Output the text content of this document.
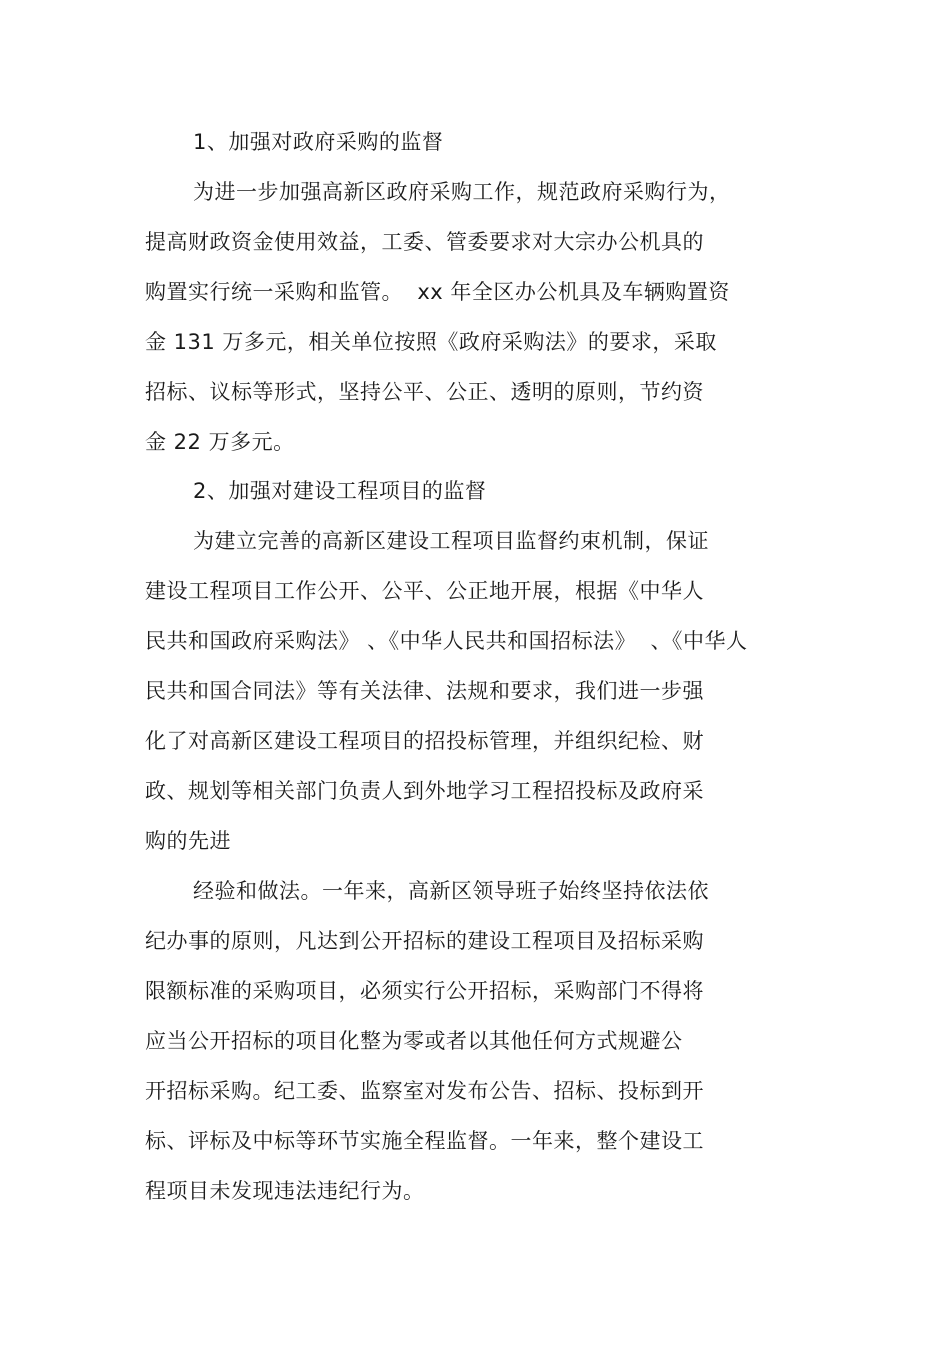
1、加强对政府采购的监督
为进一步加强高新区政府采购工作，规范政府采购行为，
提高财政资金使用效益，工委、管委要求对大宗办公机具的
购置实行统一采购和监管。  xx 年全区办公机具及车辆购置资
金 131 万多元，相关单位按照《政府采购法》的要求，采取
招标、议标等形式，坚持公平、公正、透明的原则，节约资
金 22 万多元。
2、加强对建设工程项目的监督
为建立完善的高新区建设工程项目监督约束机制，保证
建设工程项目工作公开、公平、公正地开展，根据《中华人
民共和国政府采购法》 、《中华人民共和国招标法》  、《中华人
民共和国合同法》等有关法律、法规和要求，我们进一步强
化了对高新区建设工程项目的招投标管理，并组织纪检、财
政、规划等相关部门负责人到外地学习工程招投标及政府采
购的先进
经验和做法。一年来，高新区领导班子始终坚持依法依
纪办事的原则，凡达到公开招标的建设工程项目及招标采购
限额标准的采购项目，必须实行公开招标，采购部门不得将
应当公开招标的项目化整为零或者以其他任何方式规避公
开招标采购。纪工委、监察室对发布公告、招标、投标到开
标、评标及中标等环节实施全程监督。一年来，整个建设工
程项目未发现违法违纪行为。
